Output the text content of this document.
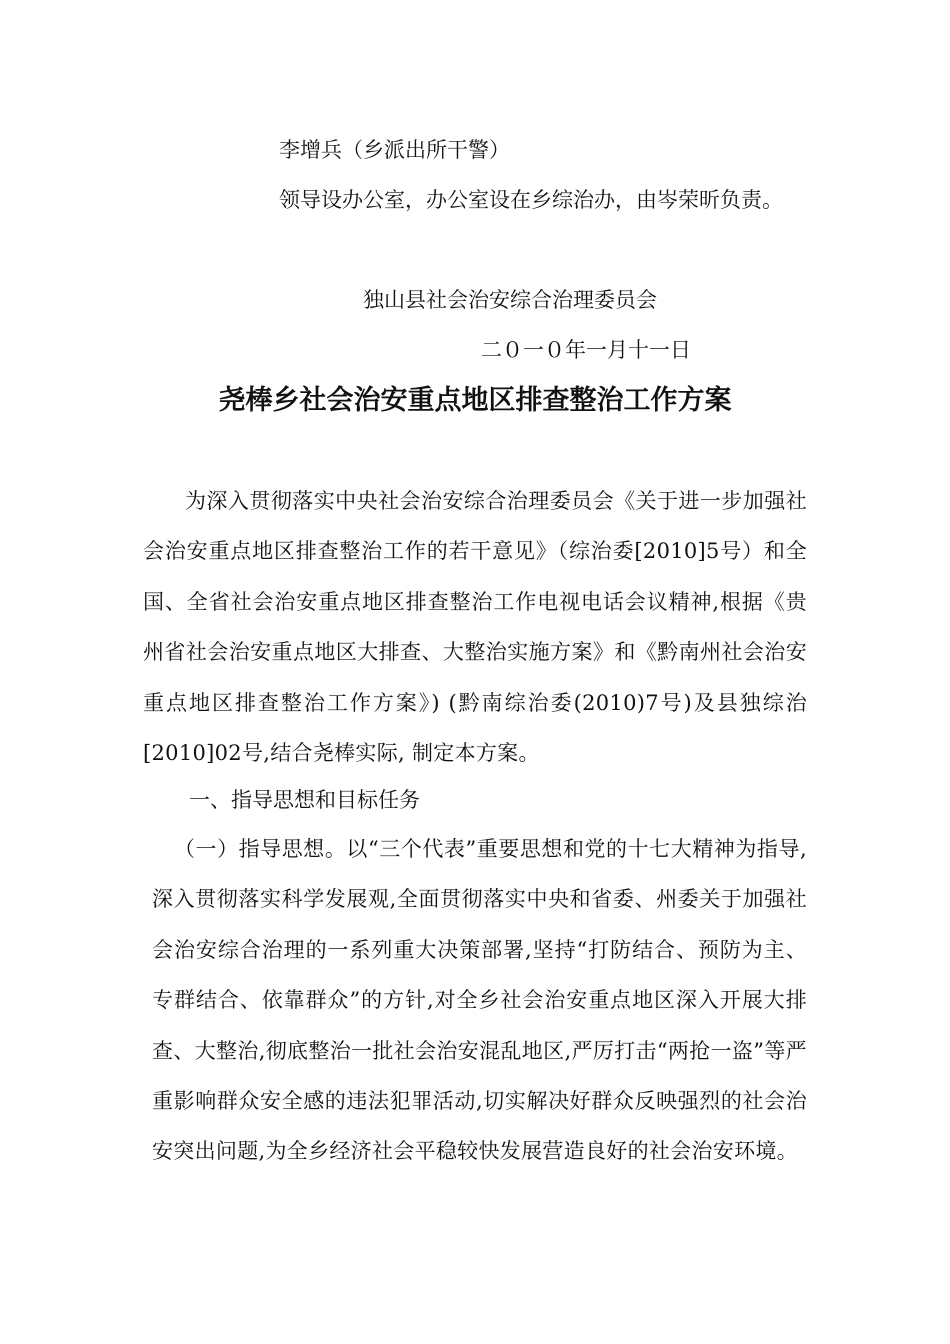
李增兵（乡派出所干警）
领导设办公室，办公室设在乡综治办，由岑荣昕负责。
独山县社会治安综合治理委员会
二０一０年一月十一日
尧棒乡社会治安重点地区排查整治工作方案
为深入贯彻落实中央社会治安综合治理委员会《关于进一步加强社会治安重点地区排查整治工作的若干意见》（综治委[2010]5号）和全国、全省社会治安重点地区排查整治工作电视电话会议精神,根据《贵州省社会治安重点地区大排查、大整治实施方案》和《黔南州社会治安重点地区排查整治工作方案》) (黔南综治委(2010)7号)及县独综治[2010]02号,结合尧棒实际, 制定本方案。
一、指导思想和目标任务
（一）指导思想。以“三个代表”重要思想和党的十七大精神为指导,深入贯彻落实科学发展观,全面贯彻落实中央和省委、州委关于加强社会治安综合治理的一系列重大决策部署,坚持“打防结合、预防为主、专群结合、依靠群众”的方针,对全乡社会治安重点地区深入开展大排查、大整治,彻底整治一批社会治安混乱地区,严厉打击“两抢一盗”等严重影响群众安全感的违法犯罪活动,切实解决好群众反映强烈的社会治安突出问题,为全乡经济社会平稳较快发展营造良好的社会治安环境。
